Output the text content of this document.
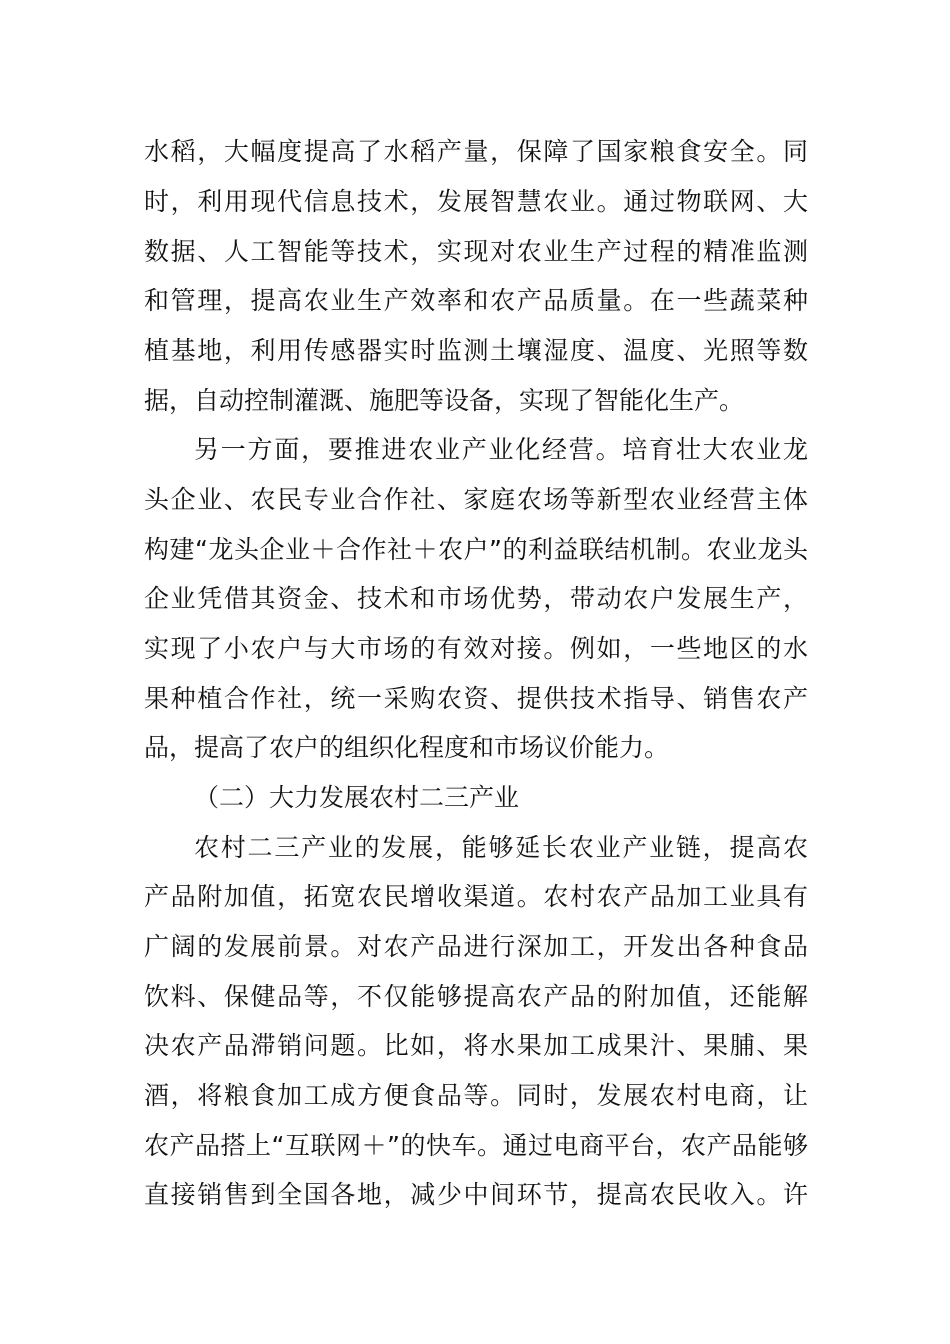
水稻，大幅度提高了水稻产量，保障了国家粮食安全。同
时，利用现代信息技术，发展智慧农业。通过物联网、大
数据、人工智能等技术，实现对农业生产过程的精准监测
和管理，提高农业生产效率和农产品质量。在一些蔬菜种
植基地，利用传感器实时监测土壤湿度、温度、光照等数
据，自动控制灌溉、施肥等设备，实现了智能化生产。
另一方面，要推进农业产业化经营。培育壮大农业龙
头企业、农民专业合作社、家庭农场等新型农业经营主体
构建“龙头企业＋合作社＋农户”的利益联结机制。农业龙头
企业凭借其资金、技术和市场优势，带动农户发展生产，
实现了小农户与大市场的有效对接。例如，一些地区的水
果种植合作社，统一采购农资、提供技术指导、销售农产
品，提高了农户的组织化程度和市场议价能力。
（二）大力发展农村二三产业
农村二三产业的发展，能够延长农业产业链，提高农
产品附加值，拓宽农民增收渠道。农村农产品加工业具有
广阔的发展前景。对农产品进行深加工，开发出各种食品
饮料、保健品等，不仅能够提高农产品的附加值，还能解
决农产品滞销问题。比如，将水果加工成果汁、果脯、果
酒，将粮食加工成方便食品等。同时，发展农村电商，让
农产品搭上“互联网＋”的快车。通过电商平台，农产品能够
直接销售到全国各地，减少中间环节，提高农民收入。许
